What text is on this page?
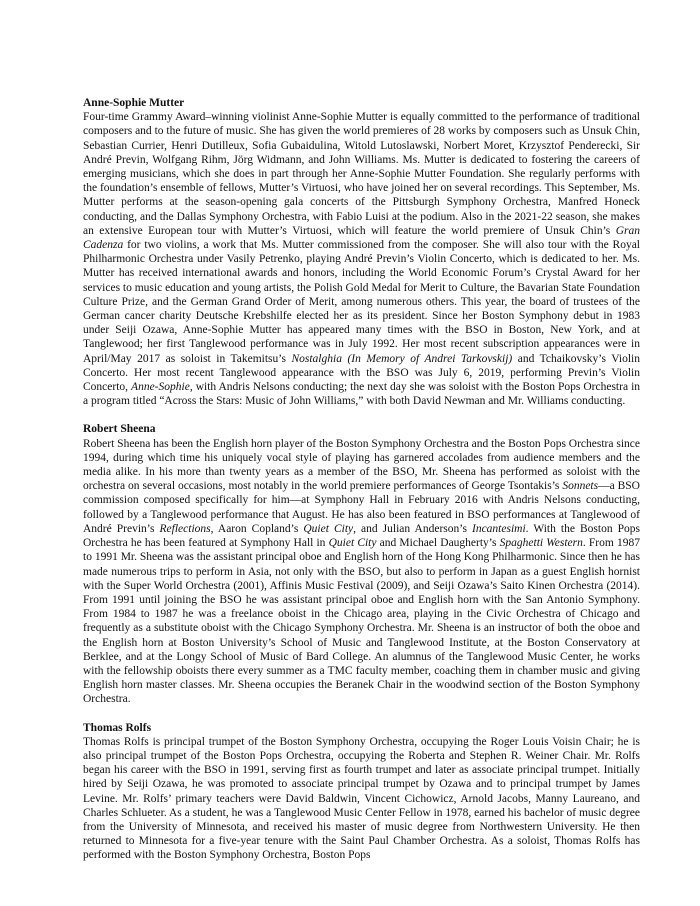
Anne-Sophie Mutter

Four-time Grammy Award–winning violinist Anne-Sophie Mutter is equally committed to the performance of traditional composers and to the future of music. She has given the world premieres of 28 works by composers such as Unsuk Chin, Sebastian Currier, Henri Dutilleux, Sofia Gubaidulina, Witold Lutoslawski, Norbert Moret, Krzysztof Penderecki, Sir André Previn, Wolfgang Rihm, Jörg Widmann, and John Williams. Ms. Mutter is dedicated to fostering the careers of emerging musicians, which she does in part through her Anne-Sophie Mutter Foundation. She regularly performs with the foundation’s ensemble of fellows, Mutter’s Virtuosi, who have joined her on several recordings. This September, Ms. Mutter performs at the season-opening gala concerts of the Pittsburgh Symphony Orchestra, Manfred Honeck conducting, and the Dallas Symphony Orchestra, with Fabio Luisi at the podium. Also in the 2021-22 season, she makes an extensive European tour with Mutter’s Virtuosi, which will feature the world premiere of Unsuk Chin’s Gran Cadenza for two violins, a work that Ms. Mutter commissioned from the composer. She will also tour with the Royal Philharmonic Orchestra under Vasily Petrenko, playing André Previn’s Violin Concerto, which is dedicated to her. Ms. Mutter has received international awards and honors, including the World Economic Forum’s Crystal Award for her services to music education and young artists, the Polish Gold Medal for Merit to Culture, the Bavarian State Foundation Culture Prize, and the German Grand Order of Merit, among numerous others. This year, the board of trustees of the German cancer charity Deutsche Krebshilfe elected her as its president. Since her Boston Symphony debut in 1983 under Seiji Ozawa, Anne-Sophie Mutter has appeared many times with the BSO in Boston, New York, and at Tanglewood; her first Tanglewood performance was in July 1992. Her most recent subscription appearances were in April/May 2017 as soloist in Takemitsu’s Nostalghia (In Memory of Andrei Tarkovskij) and Tchaikovsky’s Violin Concerto. Her most recent Tanglewood appearance with the BSO was July 6, 2019, performing Previn’s Violin Concerto, Anne-Sophie, with Andris Nelsons conducting; the next day she was soloist with the Boston Pops Orchestra in a program titled “Across the Stars: Music of John Williams,” with both David Newman and Mr. Williams conducting.

Robert Sheena

Robert Sheena has been the English horn player of the Boston Symphony Orchestra and the Boston Pops Orchestra since 1994, during which time his uniquely vocal style of playing has garnered accolades from audience members and the media alike. In his more than twenty years as a member of the BSO, Mr. Sheena has performed as soloist with the orchestra on several occasions, most notably in the world premiere performances of George Tsontakis’s Sonnets—a BSO commission composed specifically for him—at Symphony Hall in February 2016 with Andris Nelsons conducting, followed by a Tanglewood performance that August. He has also been featured in BSO performances at Tanglewood of André Previn’s Reflections, Aaron Copland’s Quiet City, and Julian Anderson’s Incantesimi. With the Boston Pops Orchestra he has been featured at Symphony Hall in Quiet City and Michael Daugherty’s Spaghetti Western. From 1987 to 1991 Mr. Sheena was the assistant principal oboe and English horn of the Hong Kong Philharmonic. Since then he has made numerous trips to perform in Asia, not only with the BSO, but also to perform in Japan as a guest English hornist with the Super World Orchestra (2001), Affinis Music Festival (2009), and Seiji Ozawa’s Saito Kinen Orchestra (2014). From 1991 until joining the BSO he was assistant principal oboe and English horn with the San Antonio Symphony. From 1984 to 1987 he was a freelance oboist in the Chicago area, playing in the Civic Orchestra of Chicago and frequently as a substitute oboist with the Chicago Symphony Orchestra. Mr. Sheena is an instructor of both the oboe and the English horn at Boston University’s School of Music and Tanglewood Institute, at the Boston Conservatory at Berklee, and at the Longy School of Music of Bard College. An alumnus of the Tanglewood Music Center, he works with the fellowship oboists there every summer as a TMC faculty member, coaching them in chamber music and giving English horn master classes. Mr. Sheena occupies the Beranek Chair in the woodwind section of the Boston Symphony Orchestra.

Thomas Rolfs

Thomas Rolfs is principal trumpet of the Boston Symphony Orchestra, occupying the Roger Louis Voisin Chair; he is also principal trumpet of the Boston Pops Orchestra, occupying the Roberta and Stephen R. Weiner Chair. Mr. Rolfs began his career with the BSO in 1991, serving first as fourth trumpet and later as associate principal trumpet. Initially hired by Seiji Ozawa, he was promoted to associate principal trumpet by Ozawa and to principal trumpet by James Levine. Mr. Rolfs’ primary teachers were David Baldwin, Vincent Cichowicz, Arnold Jacobs, Manny Laureano, and Charles Schlueter. As a student, he was a Tanglewood Music Center Fellow in 1978, earned his bachelor of music degree from the University of Minnesota, and received his master of music degree from Northwestern University. He then returned to Minnesota for a five-year tenure with the Saint Paul Chamber Orchestra. As a soloist, Thomas Rolfs has performed with the Boston Symphony Orchestra, Boston Pops
